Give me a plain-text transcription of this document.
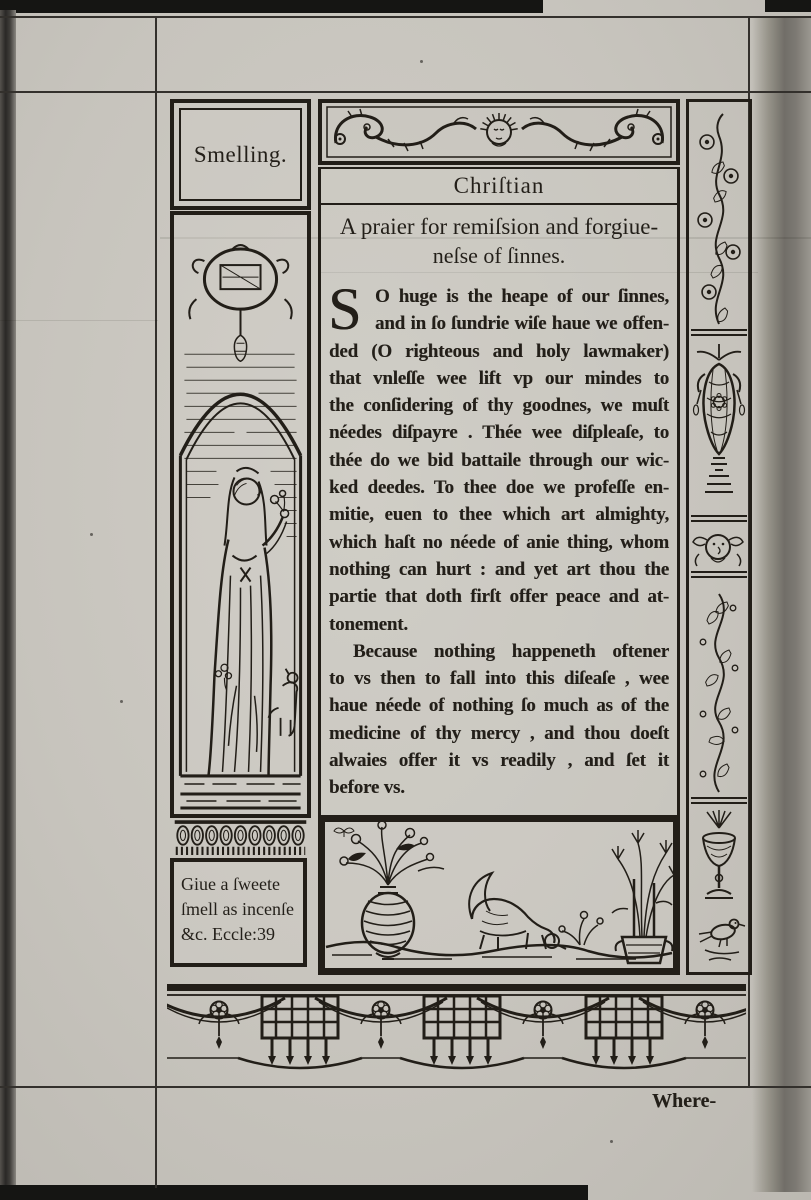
Smelling.
Giue a ſweete
ſmell as incenſe
&c. Eccle:39
Chriſtian
A praier for remiſsion and forgiue-
neſse of ſinnes.
S O huge is the heape of our ſinnes,
and in ſo ſundrie wiſe haue we offen-
ded (O righteous and holy lawmaker)
that vnleſſe wee lift vp our mindes to
the conſidering of thy goodnes, we muſt
néedes diſpayre . Thée wee diſpleaſe, to
thée do we bid battaile through our wic-
ked deedes. To thee doe we profeſſe en-
mitie, euen to thee which art almighty,
which haſt no néede of anie thing, whom
nothing can hurt : and yet art thou the
partie that doth firſt offer peace and at-
tonement.
Because nothing happeneth oftener
to vs then to fall into this diſeaſe , wee
haue néede of nothing ſo much as of the
medicine of thy mercy , and thou doeſt
alwaies offer it vs readily , and ſet it
before vs.
Where-
